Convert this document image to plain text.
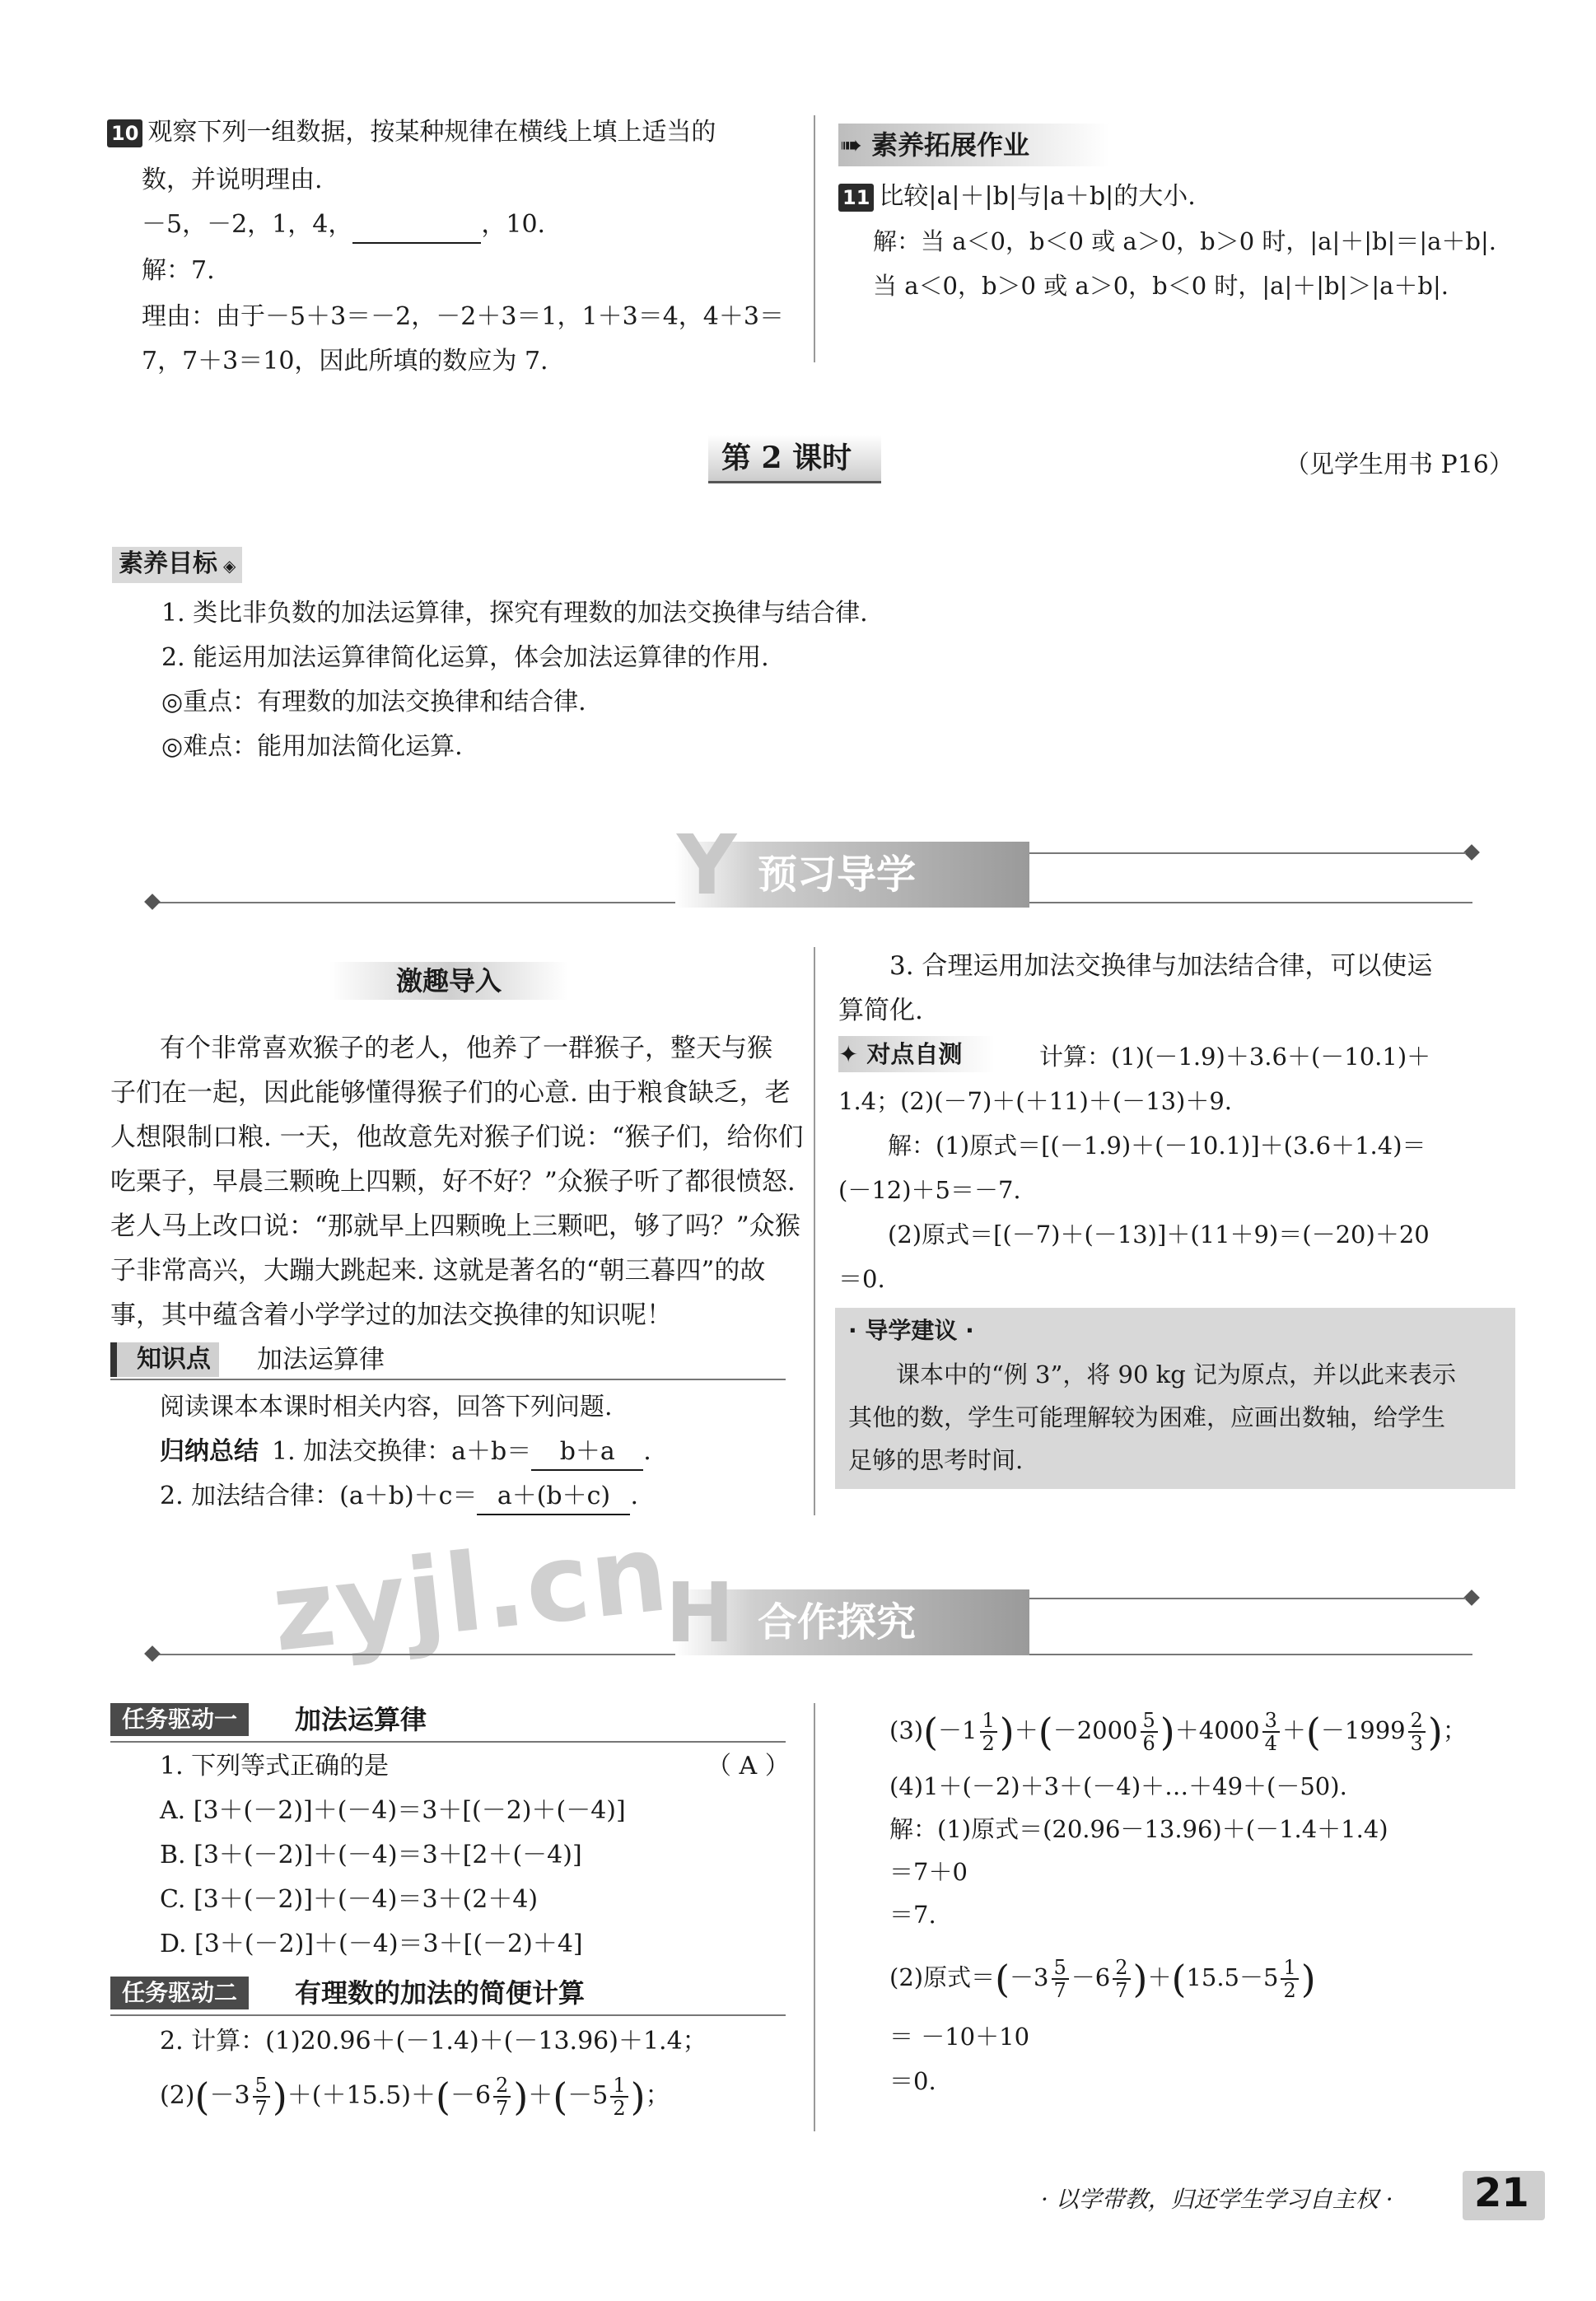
10 观察下列一组数据，按某种规律在横线上填上适当的
数，并说明理由.
－5，－2，1，4，	，10.
解：7.
理由：由于－5＋3＝－2，－2＋3＝1，1＋3＝4，4＋3＝
7，7＋3＝10，因此所填的数应为 7.
➠ 素养拓展作业
11 比较|a|＋|b|与|a＋b|的大小.
解：当 a＜0，b＜0 或 a＞0，b＞0 时，|a|＋|b|＝|a＋b|.
当 a＜0，b＞0 或 a＞0，b＜0 时，|a|＋|b|＞|a＋b|.
第 2 课时	（见学生用书 P16）
素养目标 ◈
1. 类比非负数的加法运算律，探究有理数的加法交换律与结合律.
2. 能运用加法运算律简化运算，体会加法运算律的作用.
◎重点：有理数的加法交换律和结合律.
◎难点：能用加法简化运算.
Y 预习导学
激趣导入
有个非常喜欢猴子的老人，他养了一群猴子，整天与猴
子们在一起，因此能够懂得猴子们的心意. 由于粮食缺乏，老
人想限制口粮. 一天，他故意先对猴子们说：“猴子们，给你们
吃栗子，早晨三颗晚上四颗，好不好？”众猴子听了都很愤怒.
老人马上改口说：“那就早上四颗晚上三颗吧，够了吗？”众猴
子非常高兴，大蹦大跳起来. 这就是著名的“朝三暮四”的故
事，其中蕴含着小学学过的加法交换律的知识呢！
知识点	加法运算律
阅读课本本课时相关内容，回答下列问题.
归纳总结 1. 加法交换律：a＋b＝ b＋a .
2. 加法结合律：(a＋b)＋c＝ a＋(b＋c) .
3. 合理运用加法交换律与加法结合律，可以使运
算简化.
✦ 对点自测	计算：(1)(－1.9)＋3.6＋(－10.1)＋
1.4；(2)(－7)＋(＋11)＋(－13)＋9.
解：(1)原式＝[(－1.9)＋(－10.1)]＋(3.6＋1.4)＝
(－12)＋5＝－7.
(2)原式＝[(－7)＋(－13)]＋(11＋9)＝(－20)＋20
＝0.
· 导学建议 ·
课本中的“例 3”，将 90 kg 记为原点，并以此来表示
其他的数，学生可能理解较为困难，应画出数轴，给学生
足够的思考时间.
zyjl.cn
H 合作探究
任务驱动一	加法运算律
1. 下列等式正确的是	（ A ）
A. [3＋(－2)]＋(－4)＝3＋[(－2)＋(－4)]
B. [3＋(－2)]＋(－4)＝3＋[2＋(－4)]
C. [3＋(－2)]＋(－4)＝3＋(2＋4)
D. [3＋(－2)]＋(－4)＝3＋[(－2)＋4]
任务驱动二	有理数的加法的简便计算
2. 计算：(1)20.96＋(－1.4)＋(－13.96)＋1.4；
$(2)(-3 \frac{5}{7} )+(+15.5)+(-6 \frac{2}{7} )+(-5 \frac{1}{2}$ )；
$(3)(-1 \frac{1}{2} )+(-2000 \frac{5}{6} )+4000 \frac{3}{4} +(-1999 \frac{2}{3}$ )；
(4)1＋(－2)＋3＋(－4)＋…＋49＋(－50).
解：(1)原式＝(20.96－13.96)＋(－1.4＋1.4)
＝7＋0
＝7.
(2)原式$=(-3 \frac{5}{7} -6 \frac{2}{7} )+(15.5-5 \frac{1}{2}$ )
＝ －10＋10
＝0.
· 以学带教，归还学生学习自主权 · 21
